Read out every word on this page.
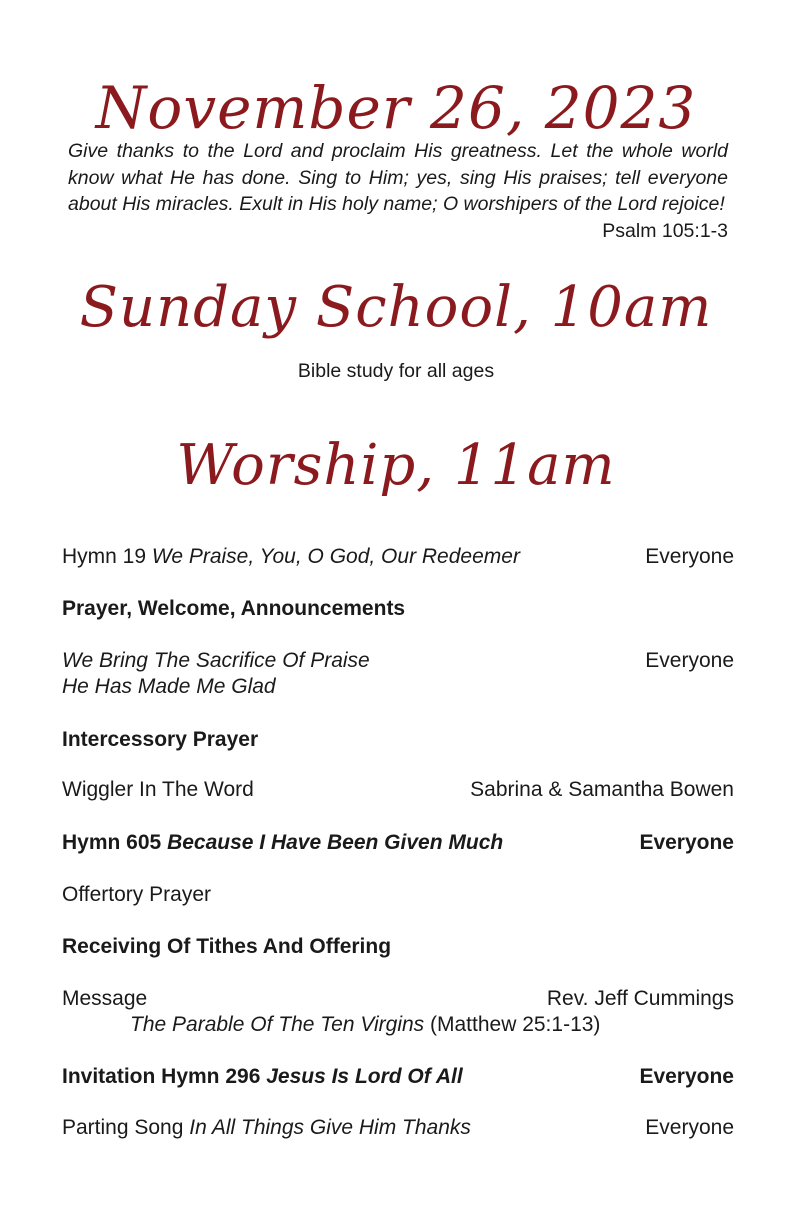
November 26, 2023
Give thanks to the Lord and proclaim His greatness. Let the whole world know what He has done. Sing to Him; yes, sing His praises; tell everyone about His miracles. Exult in His holy name; O worshipers of the Lord rejoice!
Psalm 105:1-3
Sunday School, 10am
Bible study for all ages
Worship, 11am
Hymn 19 We Praise, You, O God, Our Redeemer	Everyone
Prayer, Welcome, Announcements
We Bring The Sacrifice Of Praise	Everyone
He Has Made Me Glad
Intercessory Prayer
Wiggler In The Word	Sabrina & Samantha Bowen
Hymn 605 Because I Have Been Given Much	Everyone
Offertory Prayer
Receiving Of Tithes And Offering
Message	Rev. Jeff Cummings
The Parable Of The Ten Virgins (Matthew 25:1-13)
Invitation Hymn 296 Jesus Is Lord Of All	Everyone
Parting Song In All Things Give Him Thanks	Everyone
